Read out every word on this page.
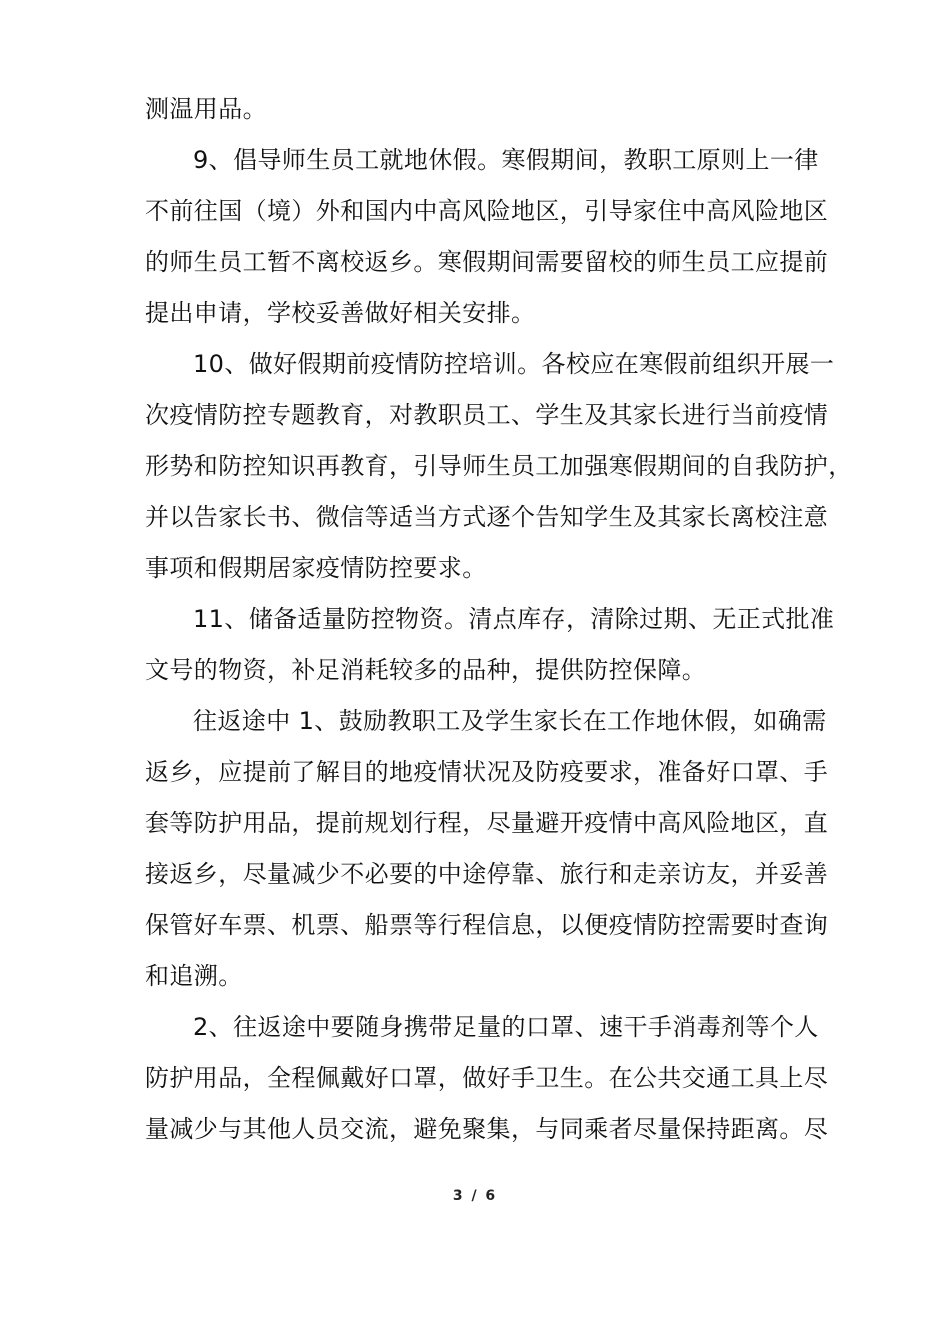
测温用品。
9、倡导师生员工就地休假。寒假期间，教职工原则上一律
不前往国（境）外和国内中高风险地区，引导家住中高风险地区
的师生员工暂不离校返乡。寒假期间需要留校的师生员工应提前
提出申请，学校妥善做好相关安排。
10、做好假期前疫情防控培训。各校应在寒假前组织开展一
次疫情防控专题教育，对教职员工、学生及其家长进行当前疫情
形势和防控知识再教育，引导师生员工加强寒假期间的自我防护，
并以告家长书、微信等适当方式逐个告知学生及其家长离校注意
事项和假期居家疫情防控要求。
11、储备适量防控物资。清点库存，清除过期、无正式批准
文号的物资，补足消耗较多的品种，提供防控保障。
往返途中 1、鼓励教职工及学生家长在工作地休假，如确需
返乡，应提前了解目的地疫情状况及防疫要求，准备好口罩、手
套等防护用品，提前规划行程，尽量避开疫情中高风险地区，直
接返乡，尽量减少不必要的中途停靠、旅行和走亲访友，并妥善
保管好车票、机票、船票等行程信息，以便疫情防控需要时查询
和追溯。
2、往返途中要随身携带足量的口罩、速干手消毒剂等个人
防护用品，全程佩戴好口罩，做好手卫生。在公共交通工具上尽
量减少与其他人员交流，避免聚集，与同乘者尽量保持距离。尽
3 / 6
